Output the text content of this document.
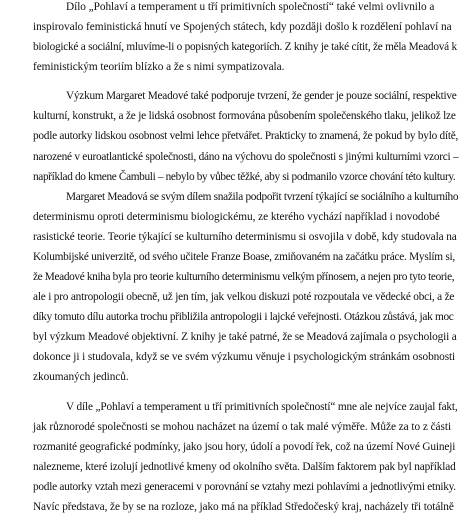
Dílo „Pohlaví a temperament u tří primitivních společností“ také velmi ovlivnilo a
inspirovalo feministická hnutí ve Spojených státech, kdy pozdăji došlo k rozdělení pohlaví na
biologické a sociální, mluvíme-li o popisných kategoriích. Z knihy je také cítit, že měla Meadová k
feministickým teoriím blízko a že s nimi sympatizovala.
Výzkum Margaret Meadové také podporuje tvrzení, že gender je pouze sociální, respektive
kulturní, konstrukt, a že je lidská osobnost formována působením společenského tlaku, jelikož lze
podle autorky lidskou osobnost velmi lehce přetvářet. Prakticky to znamená, že pokud by bylo dítě,
narozené v euroatlantické společnosti, dáno na výchovu do společnosti s jinými kulturními vzorci –
například do kmene Čambuli – nebylo by vůbec těžké, aby si podmanilo vzorce chování této kultury.
Margaret Meadová se svým dílem snažila podpořit tvrzení týkající se sociálního a kulturního
determinismu oproti determinismu biologickému, ze kterého vychází například i novodobé
rasistické teorie. Teorie týkající se kulturního determinismu si osvojila v době, kdy studovala na
Kolumbijské univerzitě, od svého učitele Franze Boase, zmiňovaném na začátku práce. Myslím si,
že Meadové kniha byla pro teorie kulturního determinismu velkým přínosem, a nejen pro tyto teorie,
ale i pro antropologii obecně, už jen tím, jak velkou diskuzi poté rozpoutala ve vědecké obci, a že
díky tomuto dílu autorka trochu přibližila antropologii i lajcké veřejnosti. Otázkou zůstává, jak moc
byl výzkum Meadové objektivní. Z knihy je také patrné, že se Meadová zajímala o psychologii a
dokonce ji i studovala, když se ve svém výzkumu věnuje i psychologickým stránkám osobnosti
zkoumaných jedinců.
V díle „Pohlaví a temperament u tří primitivních společností“ mne ale nejvíce zaujal fakt,
jak různorodé společnosti se mohou nacházet na území o tak malé výměře. Může za to z části
rozmanité geografické podmínky, jako jsou hory, údolí a povodí řek, což na území Nové Guineji
nalezneme, které izolují jednotlivé kmeny od okolního světa. Dalším faktorem pak byl například
podle autorky vztah mezi generacemi v porovnání se vztahy mezi pohlavími a jednotlivými etniky.
Navíc představa, že by se na rozloze, jako má na příklad Středočeský kraj, nacházely tři totálně
